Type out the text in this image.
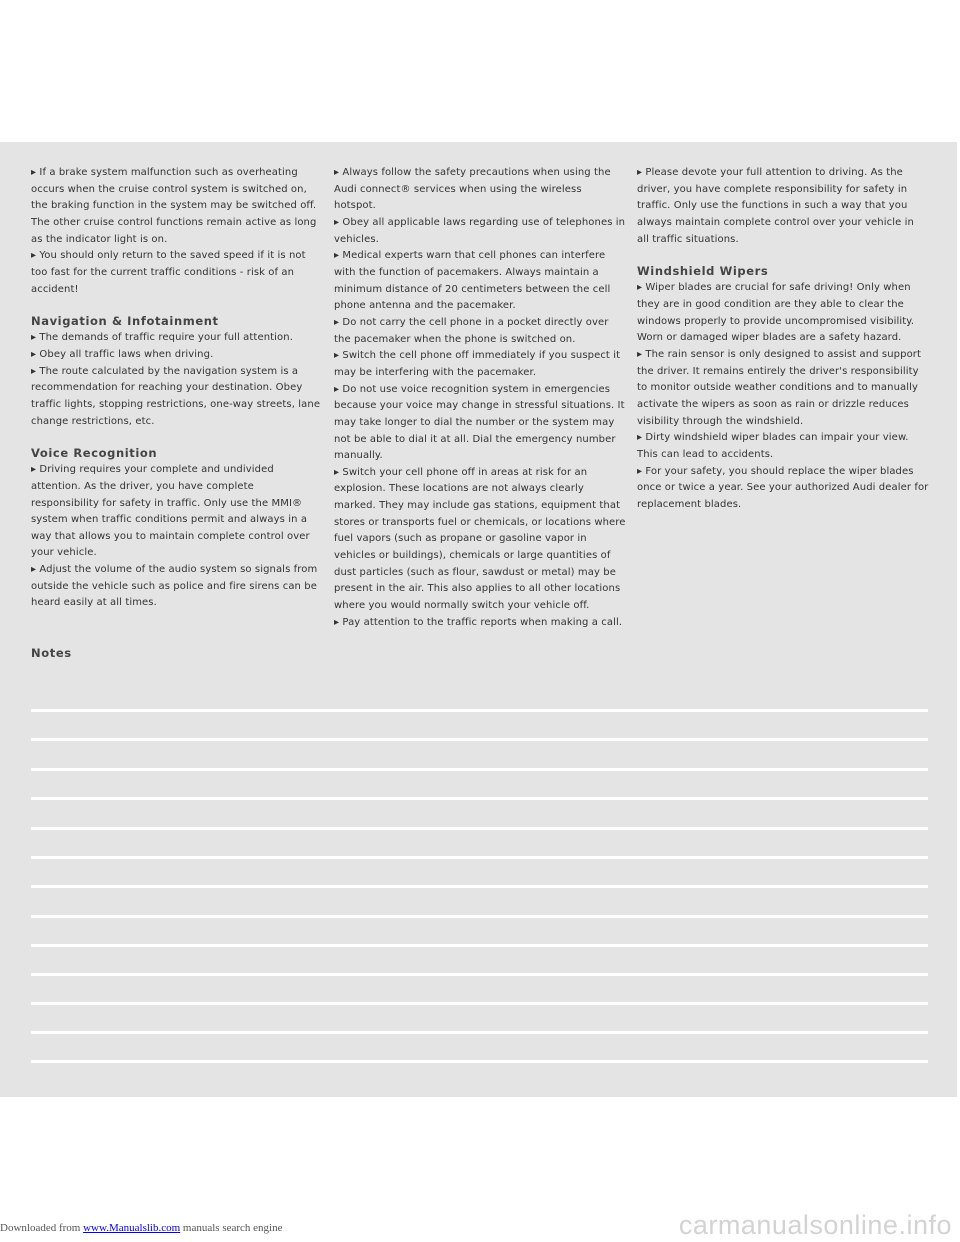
▸ If a brake system malfunction such as overheating occurs when the cruise control system is switched on, the braking function in the system may be switched off. The other cruise control functions remain active as long as the indicator light is on.

▸ You should only return to the saved speed if it is not too fast for the current traffic conditions - risk of an accident!

Navigation & Infotainment

▸ The demands of traffic require your full attention.

▸ Obey all traffic laws when driving.

▸ The route calculated by the navigation system is a recommendation for reaching your destination. Obey traffic lights, stopping restrictions, one-way streets, lane change restrictions, etc.

Voice Recognition

▸ Driving requires your complete and undivided attention. As the driver, you have complete responsibility for safety in traffic. Only use the MMI® system when traffic conditions permit and always in a way that allows you to maintain complete control over your vehicle.

▸ Adjust the volume of the audio system so signals from outside the vehicle such as police and fire sirens can be heard easily at all times.

▸ Always follow the safety precautions when using the Audi connect® services when using the wireless hotspot.

▸ Obey all applicable laws regarding use of telephones in vehicles.

▸ Medical experts warn that cell phones can interfere with the function of pacemakers. Always maintain a minimum distance of 20 centimeters between the cell phone antenna and the pacemaker.

▸ Do not carry the cell phone in a pocket directly over the pacemaker when the phone is switched on.

▸ Switch the cell phone off immediately if you suspect it may be interfering with the pacemaker.

▸ Do not use voice recognition system in emergencies because your voice may change in stressful situations. It may take longer to dial the number or the system may not be able to dial it at all. Dial the emergency number manually.

▸ Switch your cell phone off in areas at risk for an explosion. These locations are not always clearly marked. They may include gas stations, equipment that stores or transports fuel or chemicals, or locations where fuel vapors (such as propane or gasoline vapor in vehicles or buildings), chemicals or large quantities of dust particles (such as flour, sawdust or metal) may be present in the air. This also applies to all other locations where you would normally switch your vehicle off.

▸ Pay attention to the traffic reports when making a call.

▸ Please devote your full attention to driving. As the driver, you have complete responsibility for safety in traffic. Only use the functions in such a way that you always maintain complete control over your vehicle in all traffic situations.

Windshield Wipers

▸ Wiper blades are crucial for safe driving! Only when they are in good condition are they able to clear the windows properly to provide uncompromised visibility. Worn or damaged wiper blades are a safety hazard.

▸ The rain sensor is only designed to assist and support the driver. It remains entirely the driver's responsibility to monitor outside weather conditions and to manually activate the wipers as soon as rain or drizzle reduces visibility through the windshield.

▸ Dirty windshield wiper blades can impair your view. This can lead to accidents.

▸ For your safety, you should replace the wiper blades once or twice a year. See your authorized Audi dealer for replacement blades.

Notes
Downloaded from www.Manualslib.com manuals search engine	carmanualsonline.info
